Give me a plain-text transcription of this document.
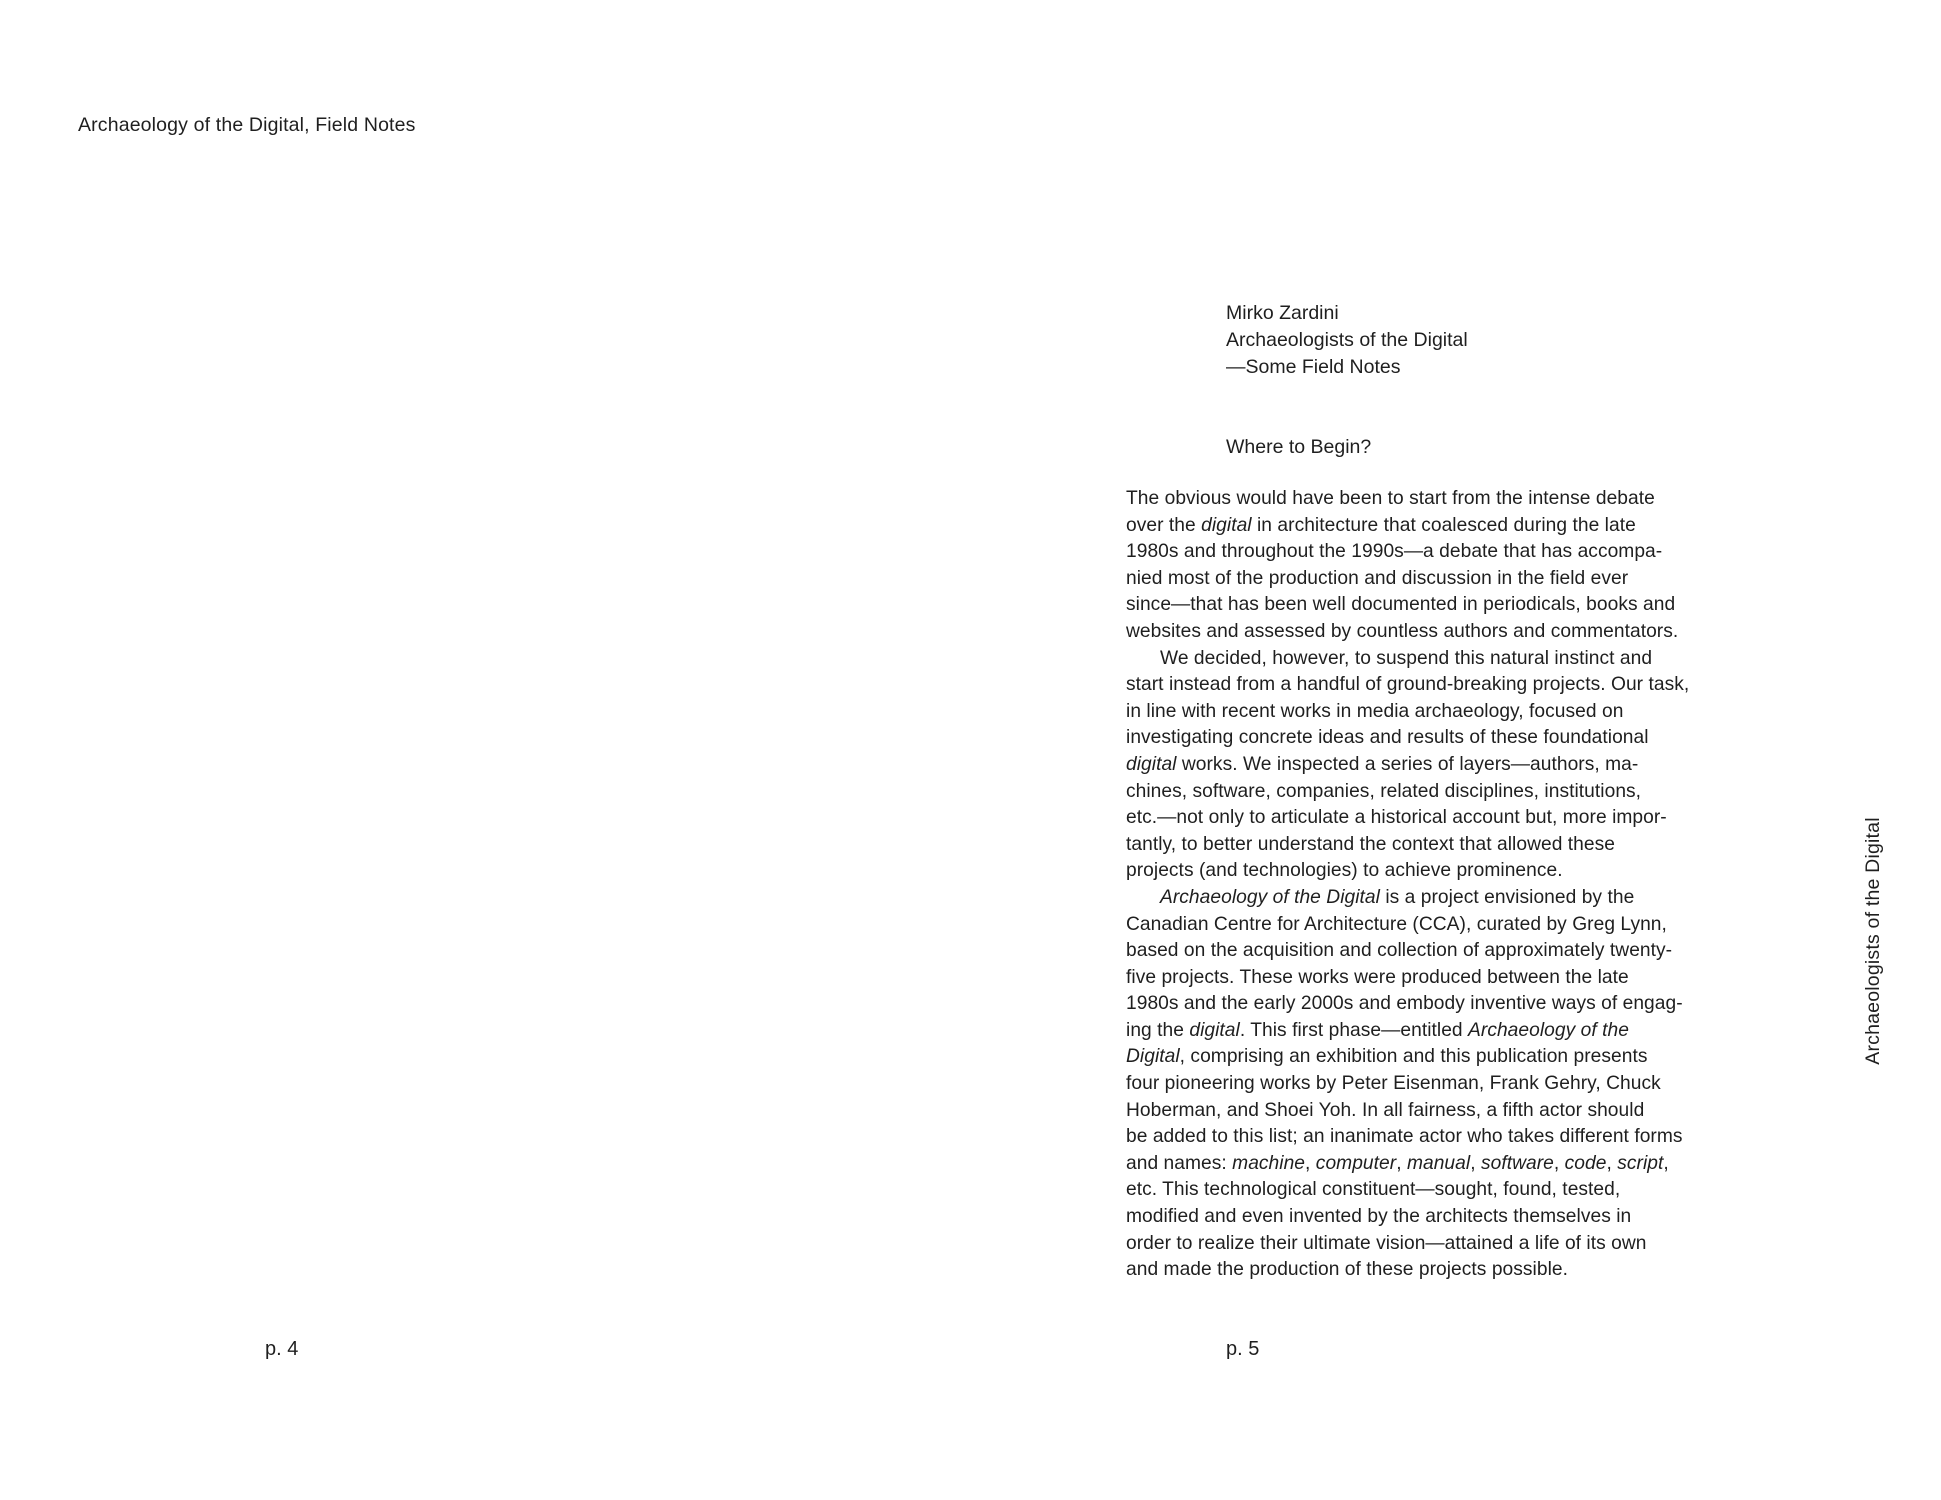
Archaeology of the Digital, Field Notes
p. 4
Mirko Zardini
Archaeologists of the Digital
—Some Field Notes
Where to Begin?
The obvious would have been to start from the intense debate
over the digital in architecture that coalesced during the late
1980s and throughout the 1990s—a debate that has accompa-
nied most of the production and discussion in the field ever
since—that has been well documented in periodicals, books and
websites and assessed by countless authors and commentators.
We decided, however, to suspend this natural instinct and
start instead from a handful of ground-breaking projects. Our task,
in line with recent works in media archaeology, focused on
investigating concrete ideas and results of these foundational
digital works. We inspected a series of layers—authors, ma-
chines, software, companies, related disciplines, institutions,
etc.—not only to articulate a historical account but, more impor-
tantly, to better understand the context that allowed these
projects (and technologies) to achieve prominence.
Archaeology of the Digital is a project envisioned by the
Canadian Centre for Architecture (CCA), curated by Greg Lynn,
based on the acquisition and collection of approximately twenty-
five projects. These works were produced between the late
1980s and the early 2000s and embody inventive ways of engag-
ing the digital. This first phase—entitled Archaeology of the
Digital, comprising an exhibition and this publication presents
four pioneering works by Peter Eisenman, Frank Gehry, Chuck
Hoberman, and Shoei Yoh. In all fairness, a fifth actor should
be added to this list; an inanimate actor who takes different forms
and names: machine, computer, manual, software, code, script,
etc. This technological constituent—sought, found, tested,
modified and even invented by the architects themselves in
order to realize their ultimate vision—attained a life of its own
and made the production of these projects possible.
p. 5
Archaeologists of the Digital
